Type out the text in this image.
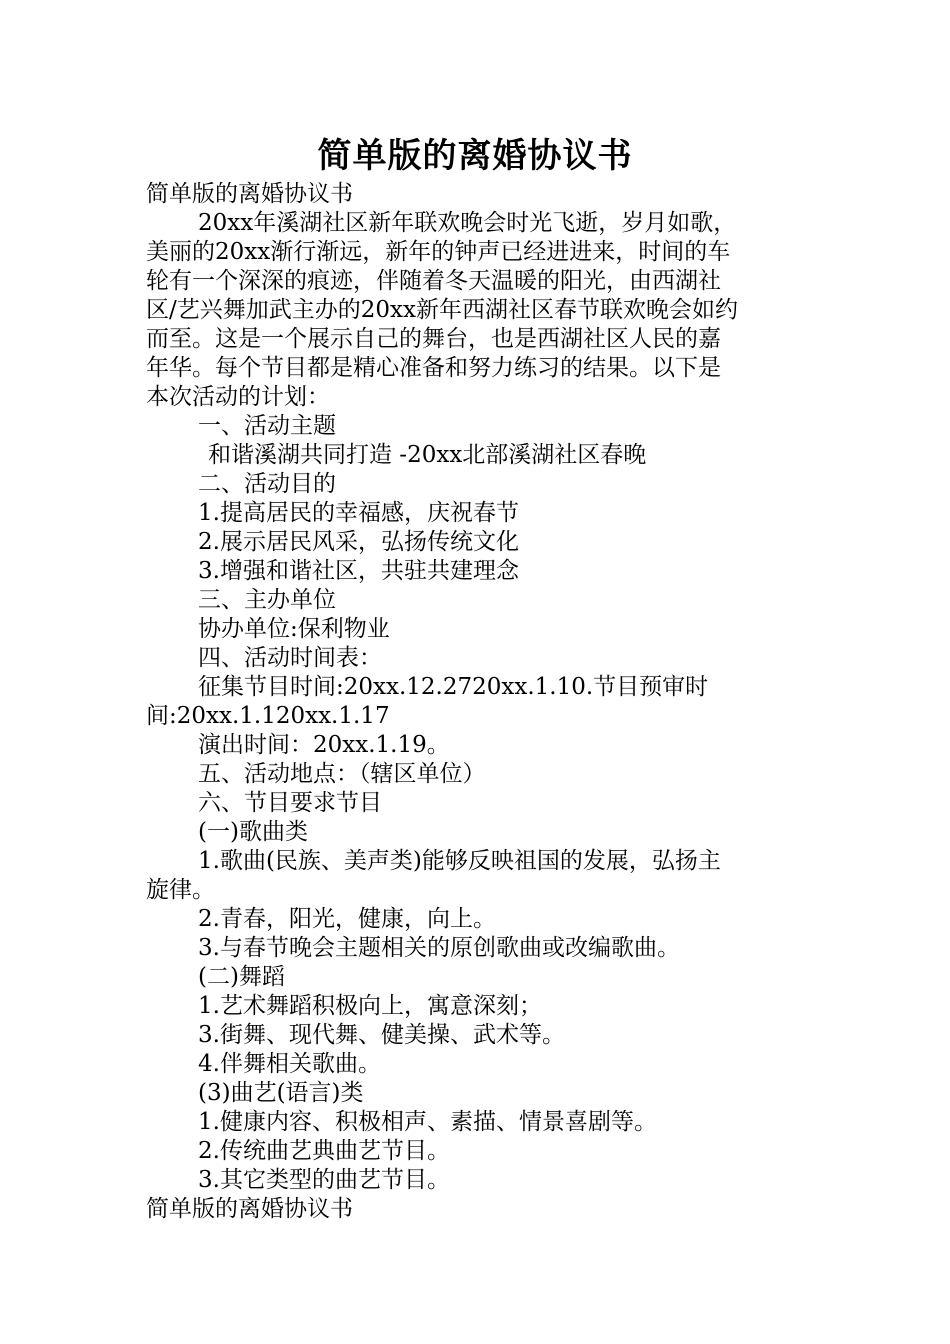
简单版的离婚协议书
简单版的离婚协议书
20xx年溪湖社区新年联欢晚会时光飞逝，岁月如歌，
美丽的20xx渐行渐远，新年的钟声已经进进来，时间的车
轮有一个深深的痕迹，伴随着冬天温暖的阳光，由西湖社
区/艺兴舞加武主办的20xx新年西湖社区春节联欢晚会如约
而至。这是一个展示自己的舞台，也是西湖社区人民的嘉
年华。每个节目都是精心准备和努力练习的结果。以下是
本次活动的计划：
一、活动主题
和谐溪湖共同打造 -20xx北部溪湖社区春晚
二、活动目的
1.提高居民的幸福感，庆祝春节
2.展示居民风采，弘扬传统文化
3.增强和谐社区，共驻共建理念
三、主办单位
协办单位:保利物业
四、活动时间表：
征集节目时间:20xx.12.2720xx.1.10.节目预审时
间:20xx.1.120xx.1.17
演出时间：20xx.1.19。
五、活动地点：（辖区单位）
六、节目要求节目
(一)歌曲类
1.歌曲(民族、美声类)能够反映祖国的发展，弘扬主
旋律。
2.青春，阳光，健康，向上。
3.与春节晚会主题相关的原创歌曲或改编歌曲。
(二)舞蹈
1.艺术舞蹈积极向上，寓意深刻；
3.街舞、现代舞、健美操、武术等。
4.伴舞相关歌曲。
(3)曲艺(语言)类
1.健康内容、积极相声、素描、情景喜剧等。
2.传统曲艺典曲艺节目。
3.其它类型的曲艺节目。
简单版的离婚协议书
